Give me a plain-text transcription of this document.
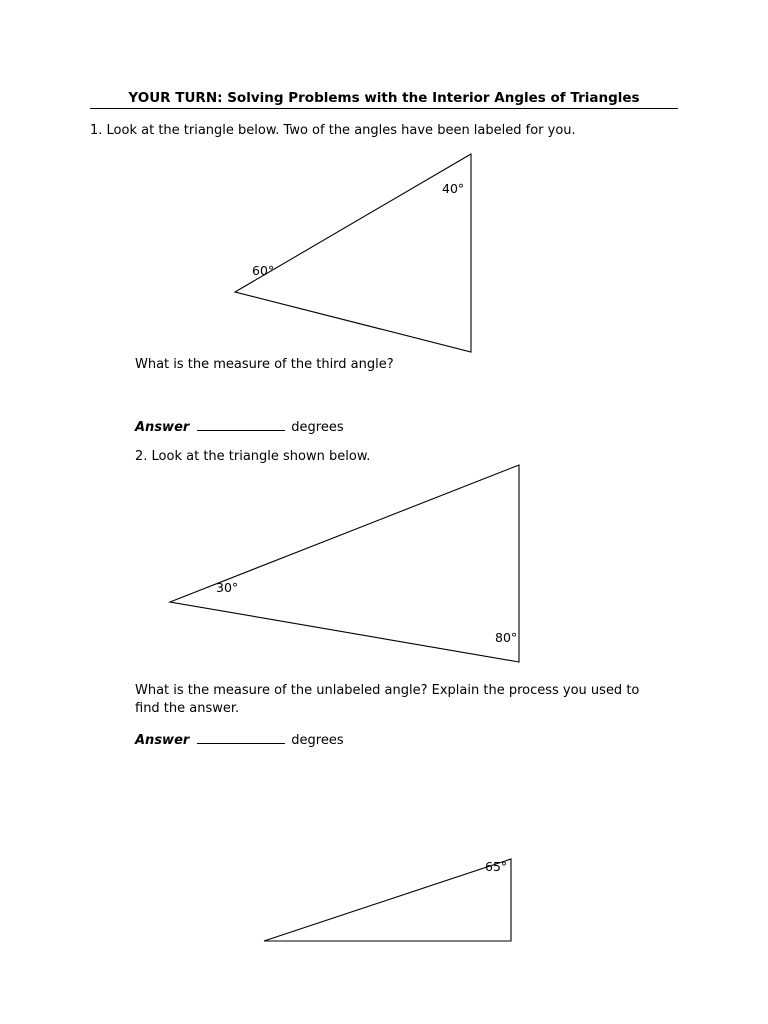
YOUR TURN: Solving Problems with the Interior Angles of Triangles
1. Look at the triangle below. Two of the angles have been labeled for you.
40°
60°
What is the measure of the third angle?
Answer	degrees
2. Look at the triangle shown below.
30°
80°
What is the measure of the unlabeled angle? Explain the process you used to
find the answer.
Answer	degrees
65°
